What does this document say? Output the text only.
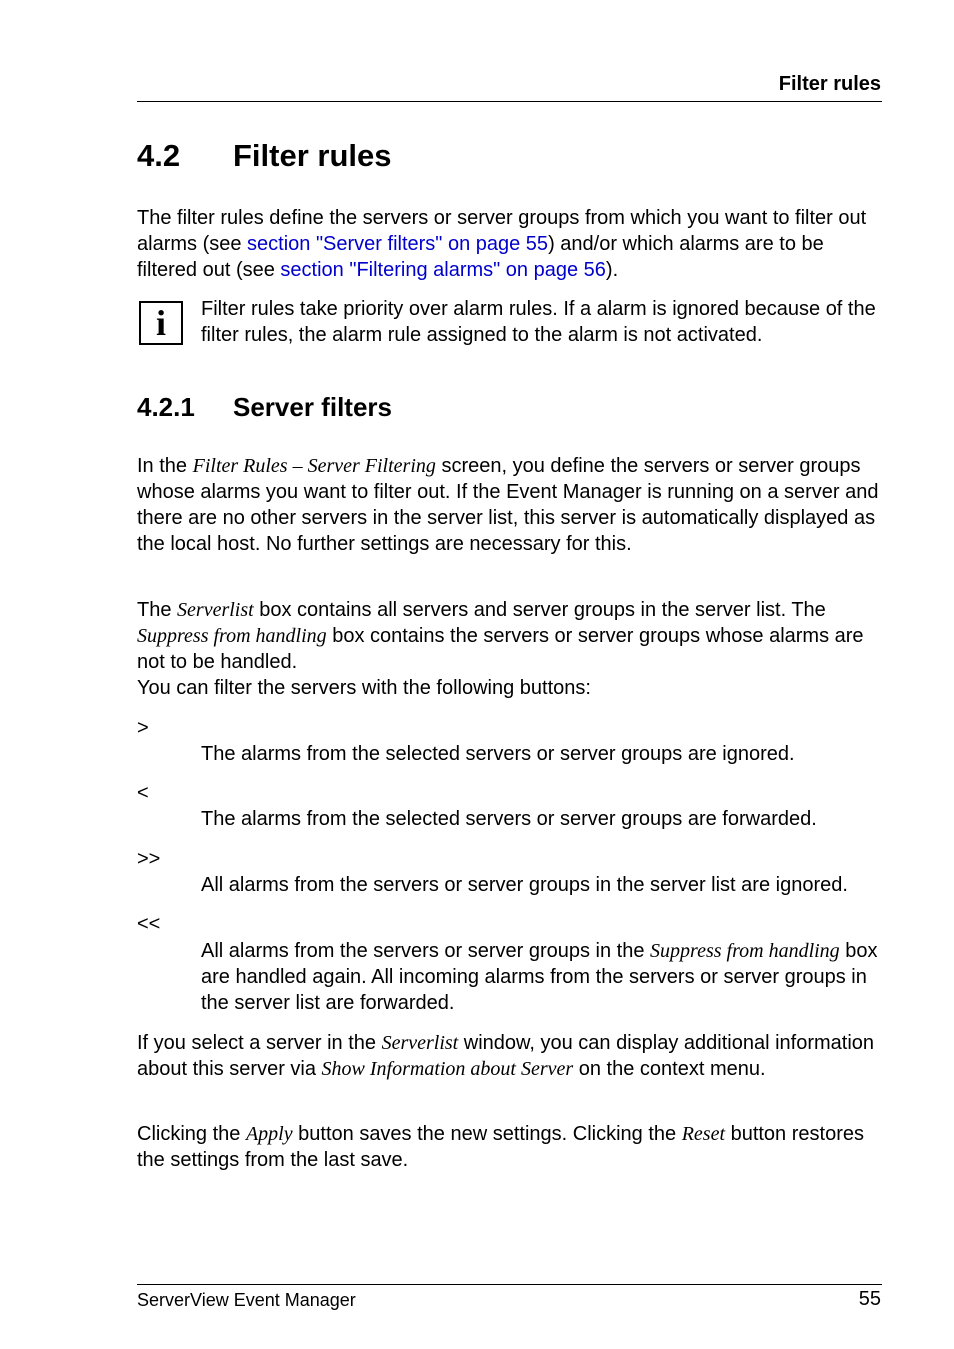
Filter rules
4.2 Filter rules
The filter rules define the servers or server groups from which you want to filter out alarms (see section "Server filters" on page 55) and/or which alarms are to be filtered out (see section "Filtering alarms" on page 56).
i	Filter rules take priority over alarm rules. If a alarm is ignored because of the filter rules, the alarm rule assigned to the alarm is not activated.
4.2.1 Server filters
In the Filter Rules – Server Filtering screen, you define the servers or server groups whose alarms you want to filter out. If the Event Manager is running on a server and there are no other servers in the server list, this server is automatically displayed as the local host. No further settings are necessary for this.
The Serverlist box contains all servers and server groups in the server list. The Suppress from handling box contains the servers or server groups whose alarms are not to be handled.
You can filter the servers with the following buttons:
>
The alarms from the selected servers or server groups are ignored.
<
The alarms from the selected servers or server groups are forwarded.
>>
All alarms from the servers or server groups in the server list are ignored.
<<
All alarms from the servers or server groups in the Suppress from handling box are handled again. All incoming alarms from the servers or server groups in the server list are forwarded.
If you select a server in the Serverlist window, you can display additional information about this server via Show Information about Server on the context menu.
Clicking the Apply button saves the new settings. Clicking the Reset button restores the settings from the last save.
ServerView Event Manager	55
